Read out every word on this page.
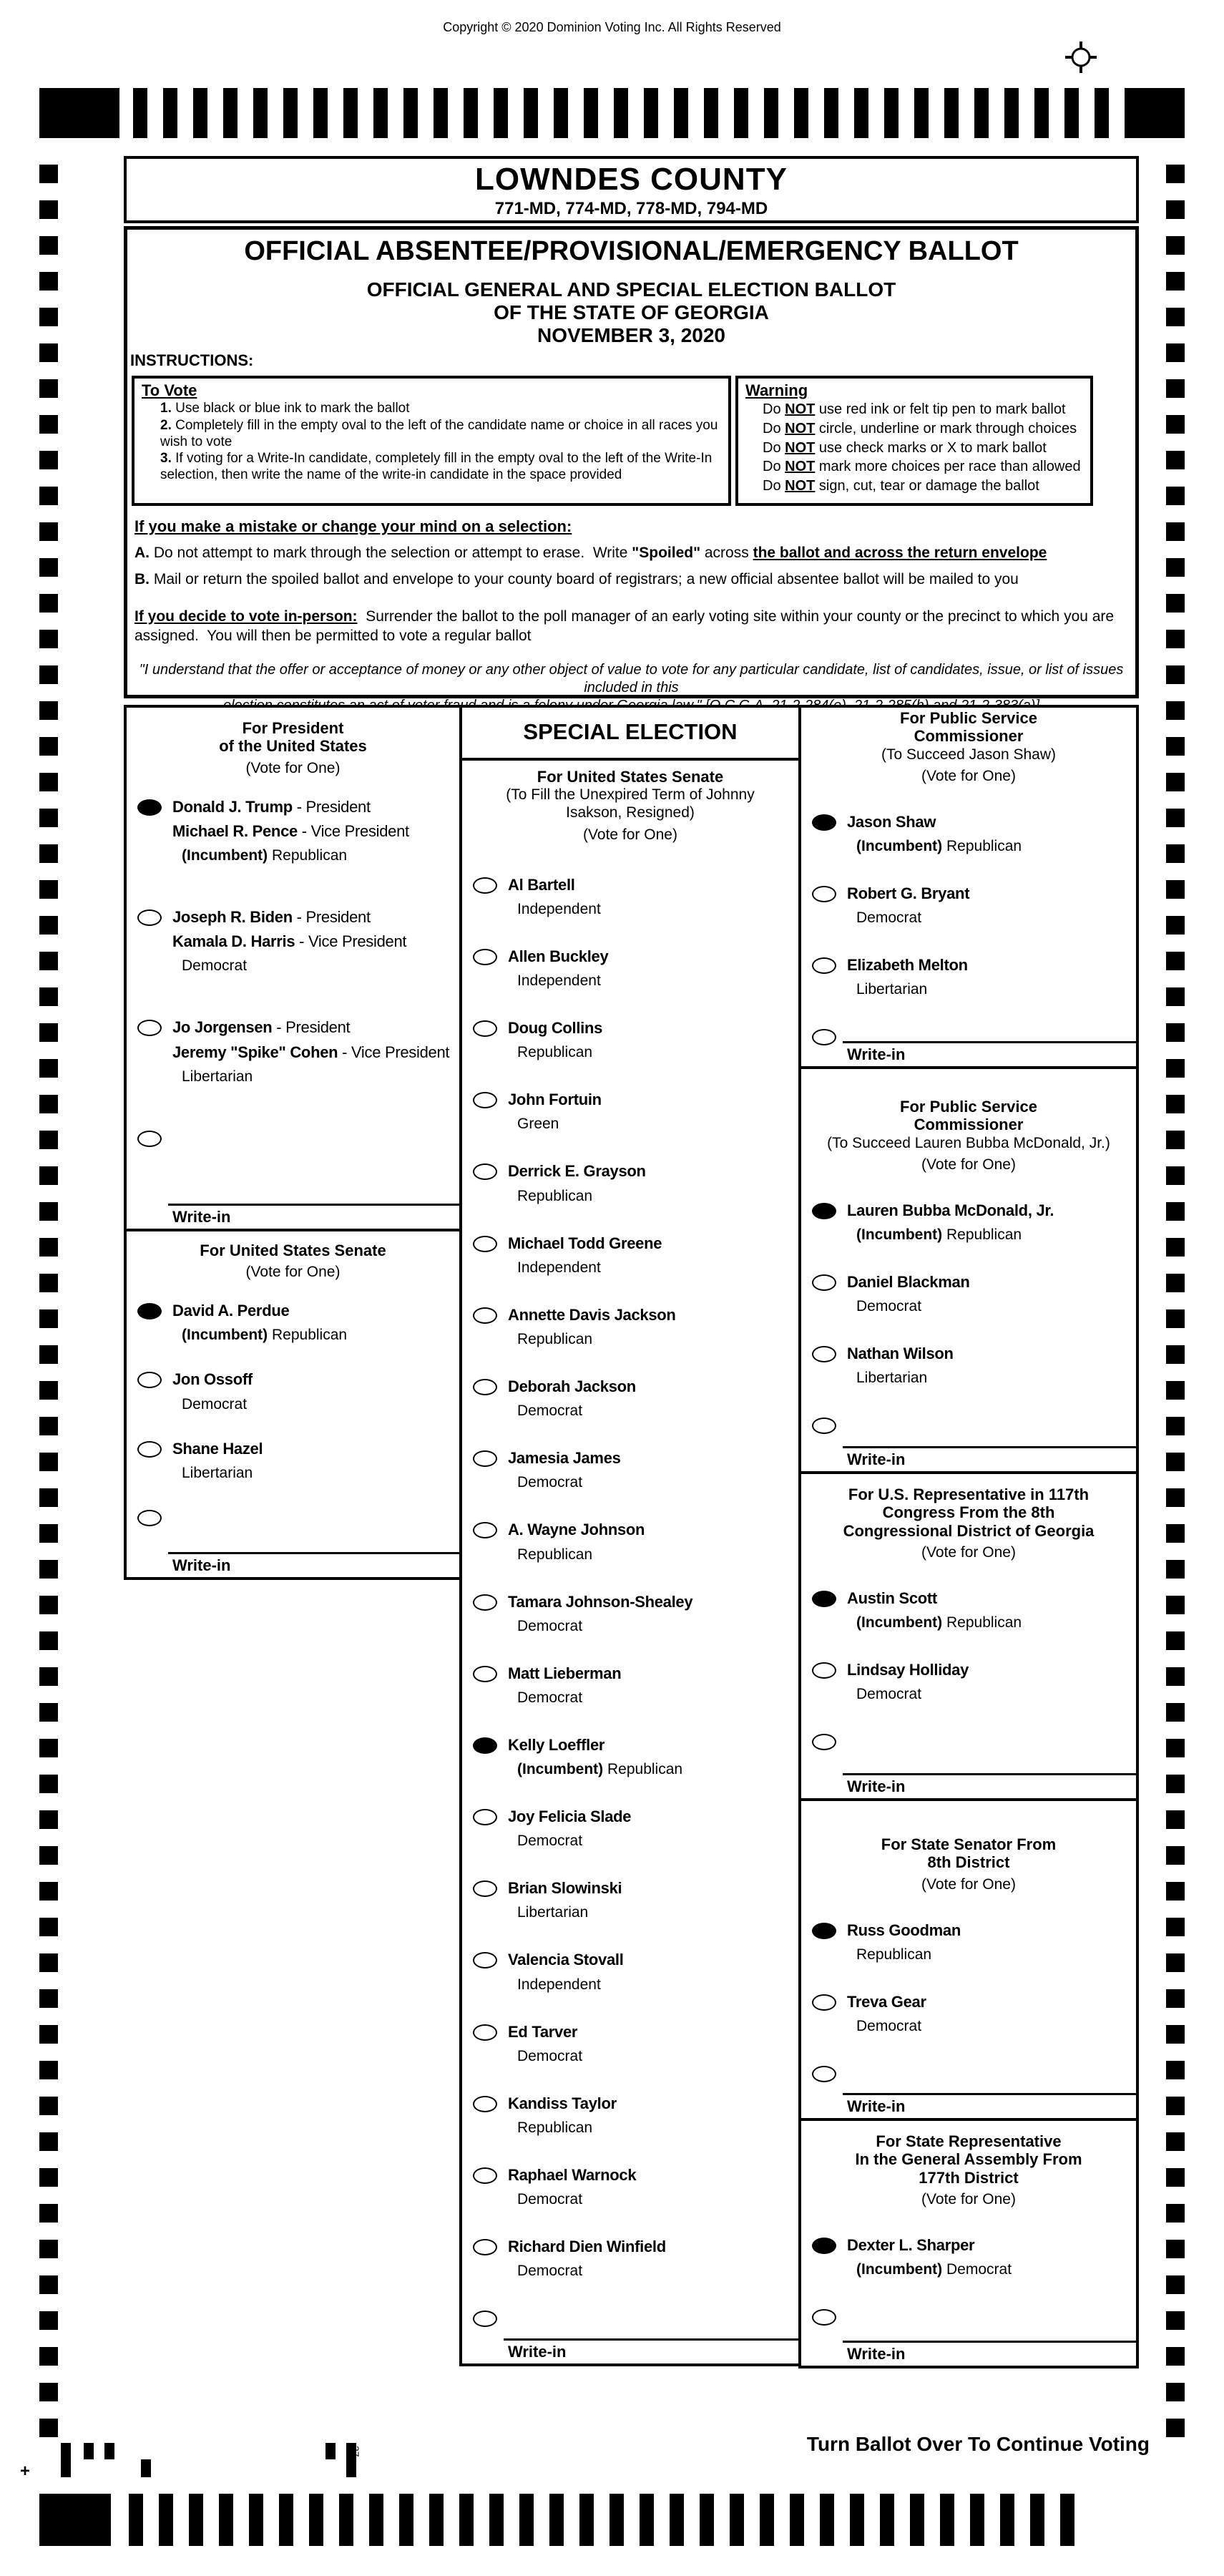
Copyright © 2020 Dominion Voting Inc. All Rights Reserved
LOWNDES COUNTY
771-MD, 774-MD, 778-MD, 794-MD
OFFICIAL ABSENTEE/PROVISIONAL/EMERGENCY BALLOT
OFFICIAL GENERAL AND SPECIAL ELECTION BALLOT
OF THE STATE OF GEORGIA
NOVEMBER 3, 2020
INSTRUCTIONS:
To Vote
1. Use black or blue ink to mark the ballot
2. Completely fill in the empty oval to the left of the candidate name or choice in all races you wish to vote
3. If voting for a Write-In candidate, completely fill in the empty oval to the left of the Write-In selection, then write the name of the write-in candidate in the space provided
Warning
Do NOT use red ink or felt tip pen to mark ballot
Do NOT circle, underline or mark through choices
Do NOT use check marks or X to mark ballot
Do NOT mark more choices per race than allowed
Do NOT sign, cut, tear or damage the ballot
If you make a mistake or change your mind on a selection:
A. Do not attempt to mark through the selection or attempt to erase.  Write "Spoiled" across the ballot and across the return envelope
B. Mail or return the spoiled ballot and envelope to your county board of registrars; a new official absentee ballot will be mailed to you
If you decide to vote in-person:  Surrender the ballot to the poll manager of an early voting site within your county or the precinct to which you are assigned.  You will then be permitted to vote a regular ballot
"I understand that the offer or acceptance of money or any other object of value to vote for any particular candidate, list of candidates, issue, or list of issues included in this
For President
of the United States
(Vote for One)
Donald J. Trump - President
Michael R. Pence - Vice President
(Incumbent) Republican
Joseph R. Biden - President
Kamala D. Harris - Vice President
Democrat
Jo Jorgensen - President
Jeremy "Spike" Cohen - Vice President
Libertarian
Write-in
For United States Senate
(Vote for One)
David A. Perdue
(Incumbent) Republican
Jon Ossoff
Democrat
Shane Hazel
Libertarian
Write-in
SPECIAL ELECTION
For United States Senate
(To Fill the Unexpired Term of Johnny
Isakson, Resigned)
(Vote for One)
Al Bartell
Independent
Allen Buckley
Independent
Doug Collins
Republican
John Fortuin
Green
Derrick E. Grayson
Republican
Michael Todd Greene
Independent
Annette Davis Jackson
Republican
Deborah Jackson
Democrat
Jamesia James
Democrat
A. Wayne Johnson
Republican
Tamara Johnson-Shealey
Democrat
Matt Lieberman
Democrat
Kelly Loeffler
(Incumbent) Republican
Joy Felicia Slade
Democrat
Brian Slowinski
Libertarian
Valencia Stovall
Independent
Ed Tarver
Democrat
Kandiss Taylor
Republican
Raphael Warnock
Democrat
Richard Dien Winfield
Democrat
Write-in
For Public Service
Commissioner
(To Succeed Jason Shaw)
(Vote for One)
Jason Shaw
(Incumbent) Republican
Robert G. Bryant
Democrat
Elizabeth Melton
Libertarian
Write-in
For Public Service
Commissioner
(To Succeed Lauren Bubba McDonald, Jr.)
(Vote for One)
Lauren Bubba McDonald, Jr.
(Incumbent) Republican
Daniel Blackman
Democrat
Nathan Wilson
Libertarian
Write-in
For U.S. Representative in 117th
Congress From the 8th
Congressional District of Georgia
(Vote for One)
Austin Scott
(Incumbent) Republican
Lindsay Holliday
Democrat
Write-in
For State Senator From
8th District
(Vote for One)
Russ Goodman
Republican
Treva Gear
Democrat
Write-in
For State Representative
In the General Assembly From
177th District
(Vote for One)
Dexter L. Sharper
(Incumbent) Democrat
Write-in
Turn Ballot Over To Continue Voting
+
37
